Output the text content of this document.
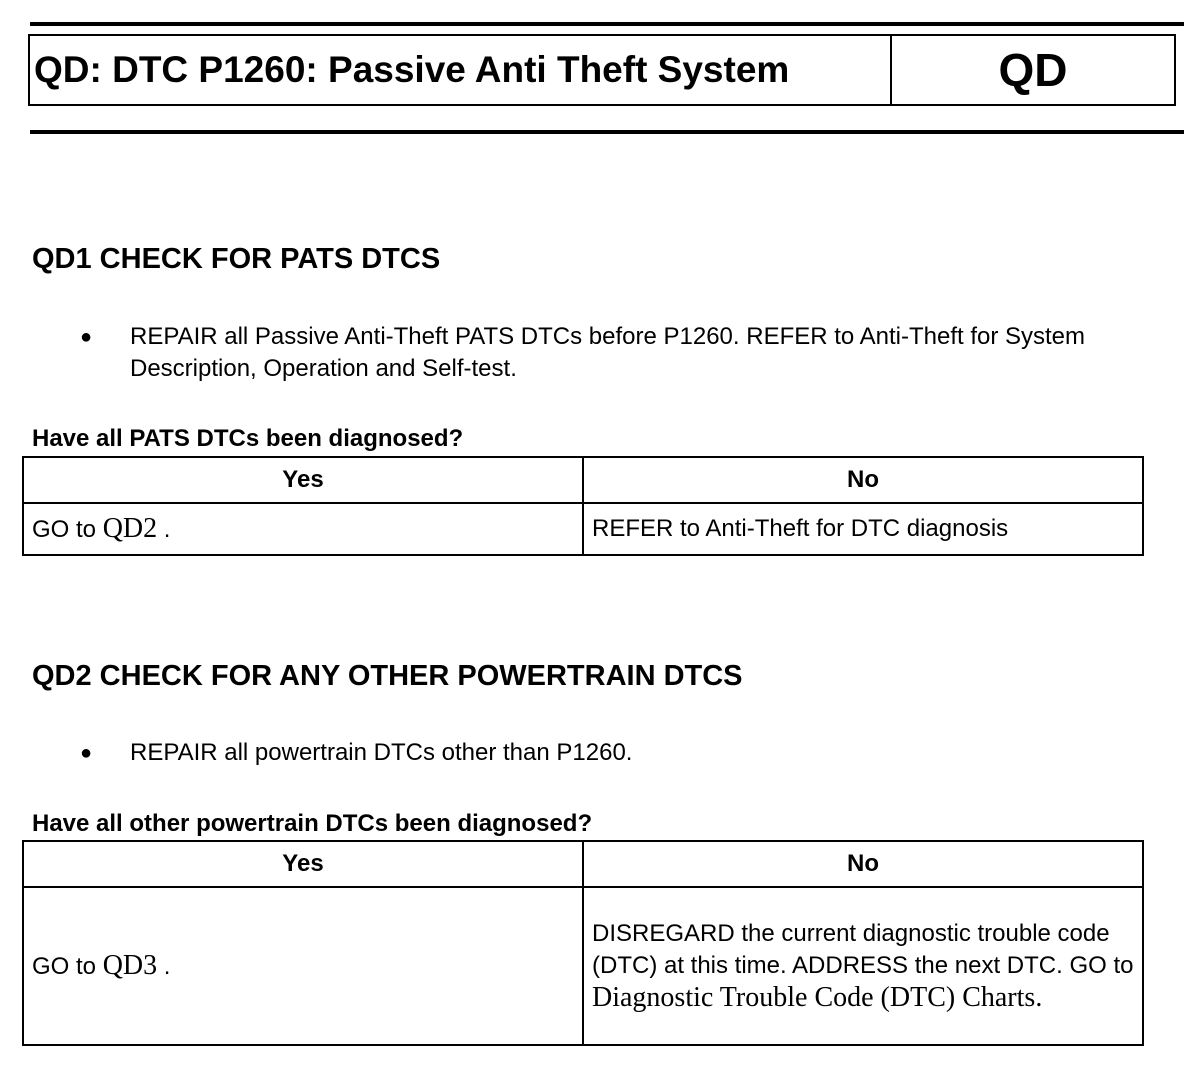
QD: DTC P1260: Passive Anti Theft System	QD
QD1 CHECK FOR PATS DTCS
●	REPAIR all Passive Anti-Theft PATS DTCs before P1260. REFER to Anti-Theft for System Description, Operation and Self-test.
Have all PATS DTCs been diagnosed?
Yes	No
GO to QD2 .	REFER to Anti-Theft for DTC diagnosis
QD2 CHECK FOR ANY OTHER POWERTRAIN DTCS
●	REPAIR all powertrain DTCs other than P1260.
Have all other powertrain DTCs been diagnosed?
Yes	No
GO to QD3 .	DISREGARD the current diagnostic trouble code (DTC) at this time. ADDRESS the next DTC. GO to Diagnostic Trouble Code (DTC) Charts.
